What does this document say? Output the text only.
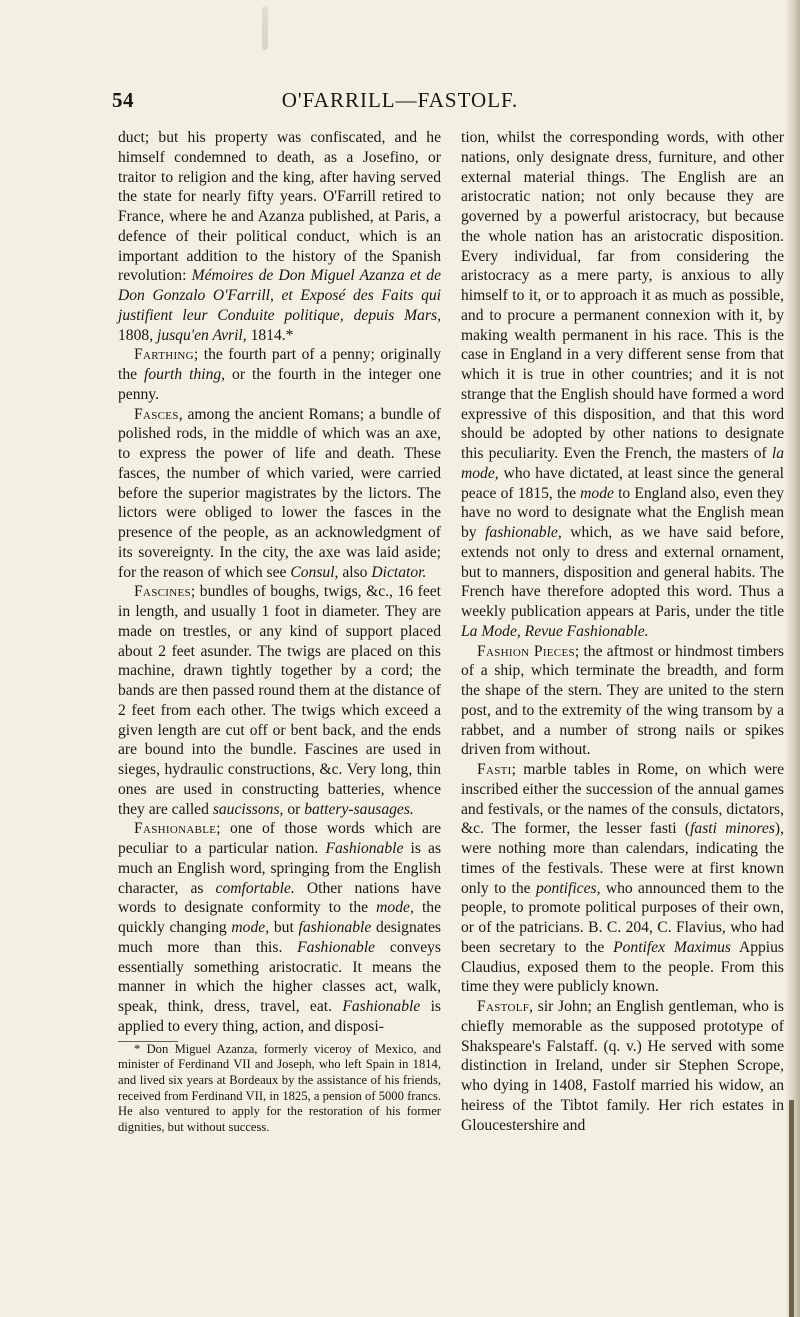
54	O'FARRILL—FASTOLF.

duct; but his property was confiscated, and he himself condemned to death, as a Josefino, or traitor to religion and the king, after having served the state for nearly fifty years. O'Farrill retired to France, where he and Azanza published, at Paris, a defence of their political conduct, which is an important addition to the history of the Spanish revolution: Mémoires de Don Miguel Azanza et de Don Gonzalo O'Farrill, et Exposé des Faits qui justifient leur Conduite politique, depuis Mars, 1808, jusqu'en Avril, 1814.*

Farthing; the fourth part of a penny; originally the fourth thing, or the fourth in the integer one penny.

Fasces, among the ancient Romans; a bundle of polished rods, in the middle of which was an axe, to express the power of life and death. These fasces, the number of which varied, were carried before the superior magistrates by the lictors. The lictors were obliged to lower the fasces in the presence of the people, as an acknowledgment of its sovereignty. In the city, the axe was laid aside; for the reason of which see Consul, also Dictator.

Fascines; bundles of boughs, twigs, &c., 16 feet in length, and usually 1 foot in diameter. They are made on trestles, or any kind of support placed about 2 feet asunder. The twigs are placed on this machine, drawn tightly together by a cord; the bands are then passed round them at the distance of 2 feet from each other. The twigs which exceed a given length are cut off or bent back, and the ends are bound into the bundle. Fascines are used in sieges, hydraulic constructions, &c. Very long, thin ones are used in constructing batteries, whence they are called saucissons, or battery-sausages.

Fashionable; one of those words which are peculiar to a particular nation. Fashionable is as much an English word, springing from the English character, as comfortable. Other nations have words to designate conformity to the mode, the quickly changing mode, but fashionable designates much more than this. Fashionable conveys essentially something aristocratic. It means the manner in which the higher classes act, walk, speak, think, dress, travel, eat. Fashionable is applied to every thing, action, and disposi-

* Don Miguel Azanza, formerly viceroy of Mexico, and minister of Ferdinand VII and Joseph, who left Spain in 1814, and lived six years at Bordeaux by the assistance of his friends, received from Ferdinand VII, in 1825, a pension of 5000 francs. He also ventured to apply for the restoration of his former dignities, but without success.

tion, whilst the corresponding words, with other nations, only designate dress, furniture, and other external material things. The English are an aristocratic nation; not only because they are governed by a powerful aristocracy, but because the whole nation has an aristocratic disposition. Every individual, far from considering the aristocracy as a mere party, is anxious to ally himself to it, or to approach it as much as possible, and to procure a permanent connexion with it, by making wealth permanent in his race. This is the case in England in a very different sense from that which it is true in other countries; and it is not strange that the English should have formed a word expressive of this disposition, and that this word should be adopted by other nations to designate this peculiarity. Even the French, the masters of la mode, who have dictated, at least since the general peace of 1815, the mode to England also, even they have no word to designate what the English mean by fashionable, which, as we have said before, extends not only to dress and external ornament, but to manners, disposition and general habits. The French have therefore adopted this word. Thus a weekly publication appears at Paris, under the title La Mode, Revue Fashionable.

Fashion Pieces; the aftmost or hindmost timbers of a ship, which terminate the breadth, and form the shape of the stern. They are united to the stern post, and to the extremity of the wing transom by a rabbet, and a number of strong nails or spikes driven from without.

Fasti; marble tables in Rome, on which were inscribed either the succession of the annual games and festivals, or the names of the consuls, dictators, &c. The former, the lesser fasti (fasti minores), were nothing more than calendars, indicating the times of the festivals. These were at first known only to the pontifices, who announced them to the people, to promote political purposes of their own, or of the patricians. B. C. 204, C. Flavius, who had been secretary to the Pontifex Maximus Appius Claudius, exposed them to the people. From this time they were publicly known.

Fastolf, sir John; an English gentleman, who is chiefly memorable as the supposed prototype of Shakspeare's Falstaff. (q. v.) He served with some distinction in Ireland, under sir Stephen Scrope, who dying in 1408, Fastolf married his widow, an heiress of the Tibtot family. Her rich estates in Gloucestershire and
